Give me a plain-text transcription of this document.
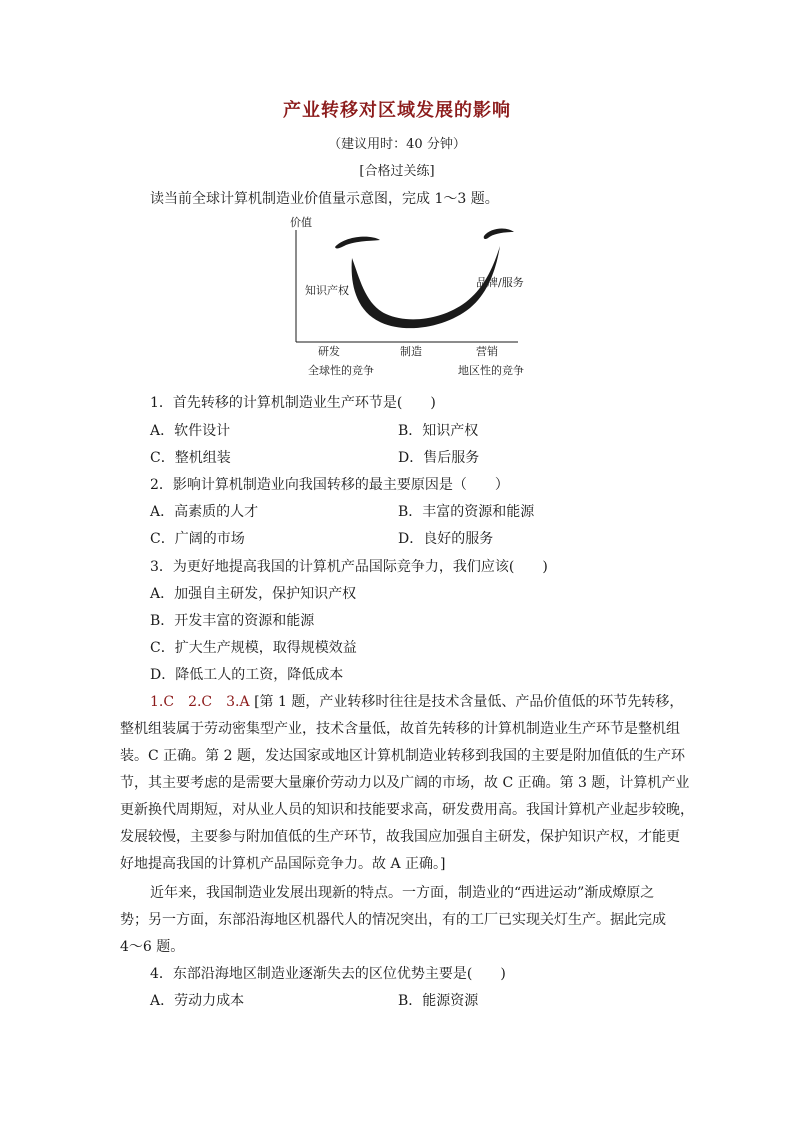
产业转移对区域发展的影响
（建议用时：40 分钟）
[合格过关练]
读当前全球计算机制造业价值量示意图，完成 1～3 题。
价值
知识产权
品牌/服务
研发	制造	营销
全球性的竞争	地区性的竞争
1．首先转移的计算机制造业生产环节是(　　)
A．软件设计	B．知识产权
C．整机组装	D．售后服务
2．影响计算机制造业向我国转移的最主要原因是（　　）
A．高素质的人才	B．丰富的资源和能源
C．广阔的市场	D．良好的服务
3．为更好地提高我国的计算机产品国际竞争力，我们应该(　　)
A．加强自主研发，保护知识产权
B．开发丰富的资源和能源
C．扩大生产规模，取得规模效益
D．降低工人的工资，降低成本
1.C　2.C　3.A [第 1 题，产业转移时往往是技术含量低、产品价值低的环节先转移，
整机组装属于劳动密集型产业，技术含量低，故首先转移的计算机制造业生产环节是整机组
装。C 正确。第 2 题，发达国家或地区计算机制造业转移到我国的主要是附加值低的生产环
节，其主要考虑的是需要大量廉价劳动力以及广阔的市场，故 C 正确。第 3 题，计算机产业
更新换代周期短，对从业人员的知识和技能要求高，研发费用高。我国计算机产业起步较晚，
发展较慢，主要参与附加值低的生产环节，故我国应加强自主研发，保护知识产权，才能更
好地提高我国的计算机产品国际竞争力。故 A 正确。]
近年来，我国制造业发展出现新的特点。一方面，制造业的“西进运动”渐成燎原之
势；另一方面，东部沿海地区机器代人的情况突出，有的工厂已实现关灯生产。据此完成
4～6 题。
4．东部沿海地区制造业逐渐失去的区位优势主要是(　　)
A．劳动力成本	B．能源资源
